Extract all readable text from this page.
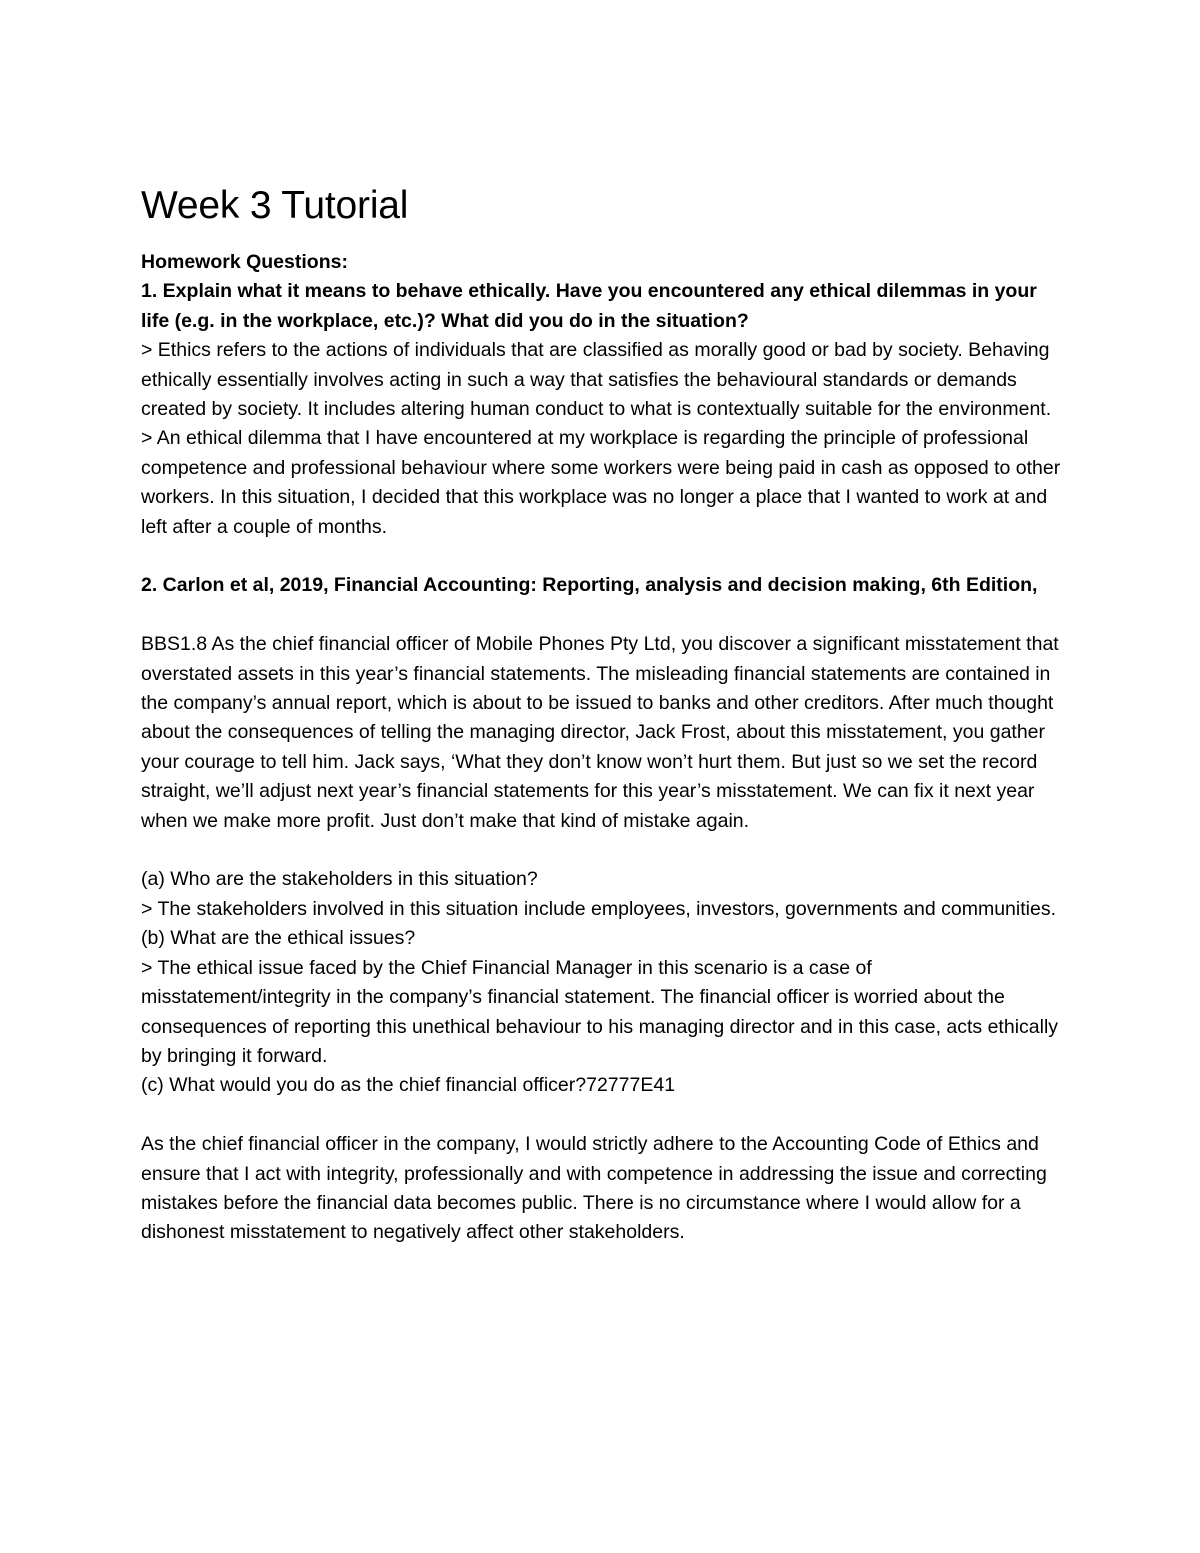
Week 3 Tutorial

Homework Questions:

1. Explain what it means to behave ethically. Have you encountered any ethical dilemmas in your life (e.g. in the workplace, etc.)? What did you do in the situation?

> Ethics refers to the actions of individuals that are classified as morally good or bad by society. Behaving ethically essentially involves acting in such a way that satisfies the behavioural standards or demands created by society. It includes altering human conduct to what is contextually suitable for the environment.

> An ethical dilemma that I have encountered at my workplace is regarding the principle of professional competence and professional behaviour where some workers were being paid in cash as opposed to other workers. In this situation, I decided that this workplace was no longer a place that I wanted to work at and left after a couple of months.

2. Carlon et al, 2019, Financial Accounting: Reporting, analysis and decision making, 6th Edition,

BBS1.8 As the chief financial officer of Mobile Phones Pty Ltd, you discover a significant misstatement that overstated assets in this year’s financial statements. The misleading financial statements are contained in the company’s annual report, which is about to be issued to banks and other creditors. After much thought about the consequences of telling the managing director, Jack Frost, about this misstatement, you gather your courage to tell him. Jack says, ‘What they don’t know won’t hurt them. But just so we set the record straight, we’ll adjust next year’s financial statements for this year’s misstatement. We can fix it next year when we make more profit. Just don’t make that kind of mistake again.

(a) Who are the stakeholders in this situation?

> The stakeholders involved in this situation include employees, investors, governments and communities.

(b) What are the ethical issues?

> The ethical issue faced by the Chief Financial Manager in this scenario is a case of misstatement/integrity in the company’s financial statement. The financial officer is worried about the consequences of reporting this unethical behaviour to his managing director and in this case, acts ethically by bringing it forward.

(c) What would you do as the chief financial officer?72777E41

As the chief financial officer in the company, I would strictly adhere to the Accounting Code of Ethics and ensure that I act with integrity, professionally and with competence in addressing the issue and correcting mistakes before the financial data becomes public. There is no circumstance where I would allow for a dishonest misstatement to negatively affect other stakeholders.
